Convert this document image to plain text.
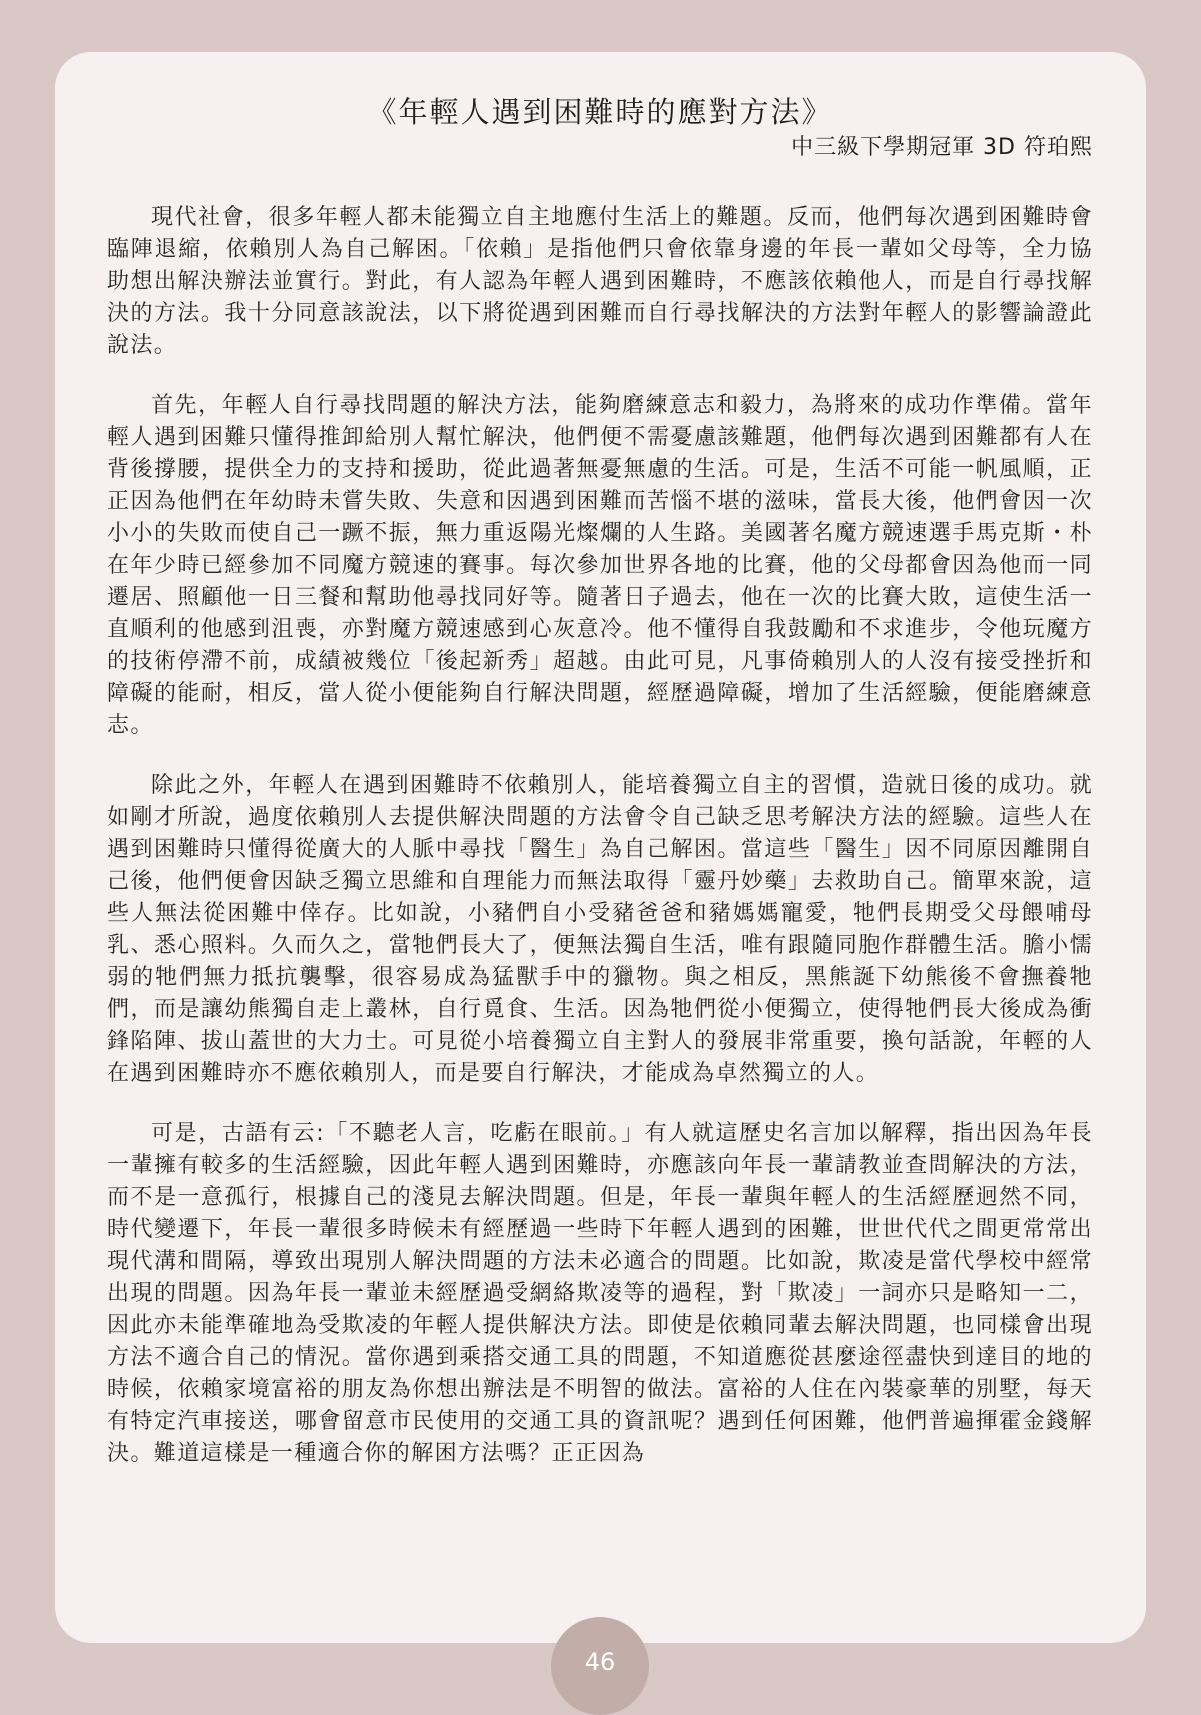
《年輕人遇到困難時的應對方法》

中三級下學期冠軍 3D 符珀熙

現代社會，很多年輕人都未能獨立自主地應付生活上的難題。反而，他們每次遇到困難時會臨陣退縮，依賴別人為自己解困。「依賴」是指他們只會依靠身邊的年長一輩如父母等，全力協助想出解決辦法並實行。對此，有人認為年輕人遇到困難時，不應該依賴他人，而是自行尋找解決的方法。我十分同意該說法，以下將從遇到困難而自行尋找解決的方法對年輕人的影響論證此說法。

首先，年輕人自行尋找問題的解決方法，能夠磨練意志和毅力，為將來的成功作準備。當年輕人遇到困難只懂得推卸給別人幫忙解決，他們便不需憂慮該難題，他們每次遇到困難都有人在背後撐腰，提供全力的支持和援助，從此過著無憂無慮的生活。可是，生活不可能一帆風順，正正因為他們在年幼時未嘗失敗、失意和因遇到困難而苦惱不堪的滋味，當長大後，他們會因一次小小的失敗而使自己一蹶不振，無力重返陽光燦爛的人生路。美國著名魔方競速選手馬克斯・朴在年少時已經參加不同魔方競速的賽事。每次參加世界各地的比賽，他的父母都會因為他而一同遷居、照顧他一日三餐和幫助他尋找同好等。隨著日子過去，他在一次的比賽大敗，這使生活一直順利的他感到沮喪，亦對魔方競速感到心灰意冷。他不懂得自我鼓勵和不求進步，令他玩魔方的技術停滯不前，成績被幾位「後起新秀」超越。由此可見，凡事倚賴別人的人沒有接受挫折和障礙的能耐，相反，當人從小便能夠自行解決問題，經歷過障礙，增加了生活經驗，便能磨練意志。

除此之外，年輕人在遇到困難時不依賴別人，能培養獨立自主的習慣，造就日後的成功。就如剛才所說，過度依賴別人去提供解決問題的方法會令自己缺乏思考解決方法的經驗。這些人在遇到困難時只懂得從廣大的人脈中尋找「醫生」為自己解困。當這些「醫生」因不同原因離開自己後，他們便會因缺乏獨立思維和自理能力而無法取得「靈丹妙藥」去救助自己。簡單來說，這些人無法從困難中倖存。比如說，小豬們自小受豬爸爸和豬媽媽寵愛，牠們長期受父母餵哺母乳、悉心照料。久而久之，當牠們長大了，便無法獨自生活，唯有跟隨同胞作群體生活。膽小懦弱的牠們無力抵抗襲擊，很容易成為猛獸手中的獵物。與之相反，黑熊誕下幼熊後不會撫養牠們，而是讓幼熊獨自走上叢林，自行覓食、生活。因為牠們從小便獨立，使得牠們長大後成為衝鋒陷陣、拔山蓋世的大力士。可見從小培養獨立自主對人的發展非常重要，換句話說，年輕的人在遇到困難時亦不應依賴別人，而是要自行解決，才能成為卓然獨立的人。

可是，古語有云:「不聽老人言，吃虧在眼前。」有人就這歷史名言加以解釋，指出因為年長一輩擁有較多的生活經驗，因此年輕人遇到困難時，亦應該向年長一輩請教並查問解決的方法，而不是一意孤行，根據自己的淺見去解決問題。但是，年長一輩與年輕人的生活經歷迥然不同，時代變遷下，年長一輩很多時候未有經歷過一些時下年輕人遇到的困難，世世代代之間更常常出現代溝和間隔，導致出現別人解決問題的方法未必適合的問題。比如說，欺凌是當代學校中經常出現的問題。因為年長一輩並未經歷過受網絡欺凌等的過程，對「欺凌」一詞亦只是略知一二，因此亦未能準確地為受欺凌的年輕人提供解決方法。即使是依賴同輩去解決問題，也同樣會出現方法不適合自己的情況。當你遇到乘搭交通工具的問題，不知道應從甚麼途徑盡快到達目的地的時候，依賴家境富裕的朋友為你想出辦法是不明智的做法。富裕的人住在內裝豪華的別墅，每天有特定汽車接送，哪會留意市民使用的交通工具的資訊呢？遇到任何困難，他們普遍揮霍金錢解決。難道這樣是一種適合你的解困方法嗎？正正因為

46
